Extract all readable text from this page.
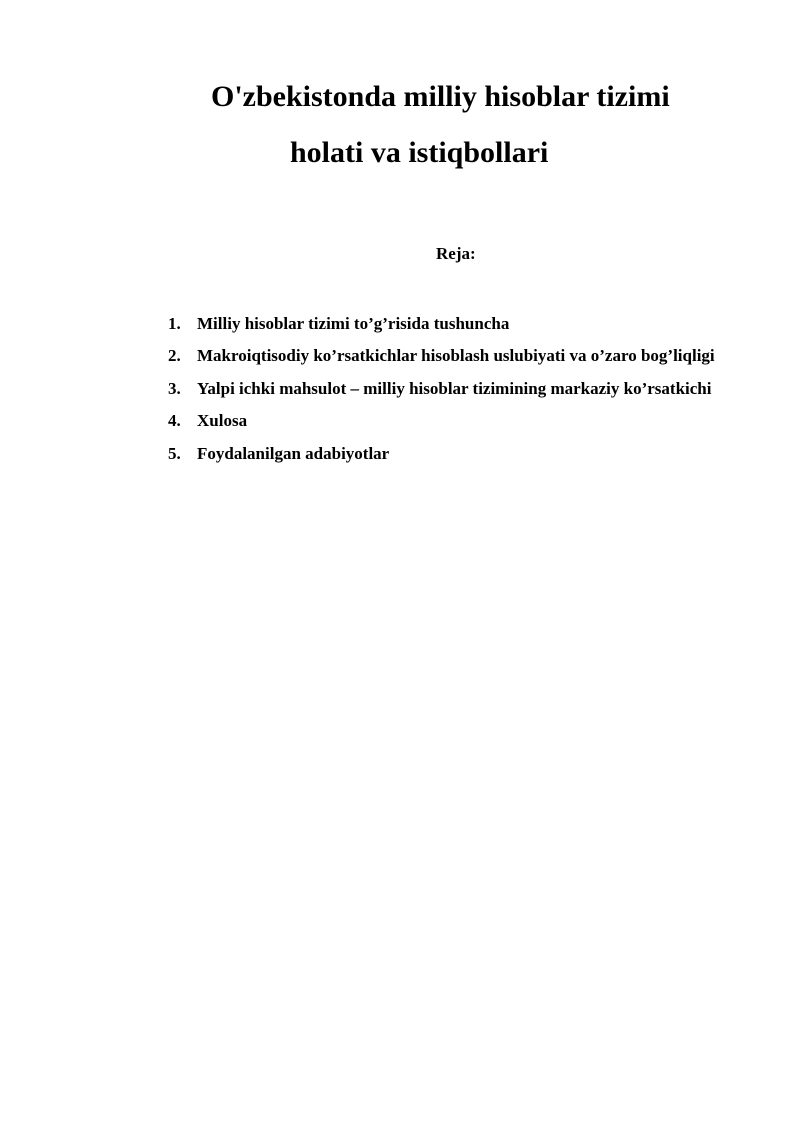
O'zbekistonda milliy hisoblar tizimi
holati va istiqbollari

Reja:

1. Milliy hisoblar tizimi to’g’risida tushuncha
2. Makroiqtisodiy ko’rsatkichlar hisoblash uslubiyati va o’zaro bog’liqligi
3. Yalpi ichki mahsulot – milliy hisoblar tizimining markaziy ko’rsatkichi
4. Xulosa
5. Foydalanilgan adabiyotlar
